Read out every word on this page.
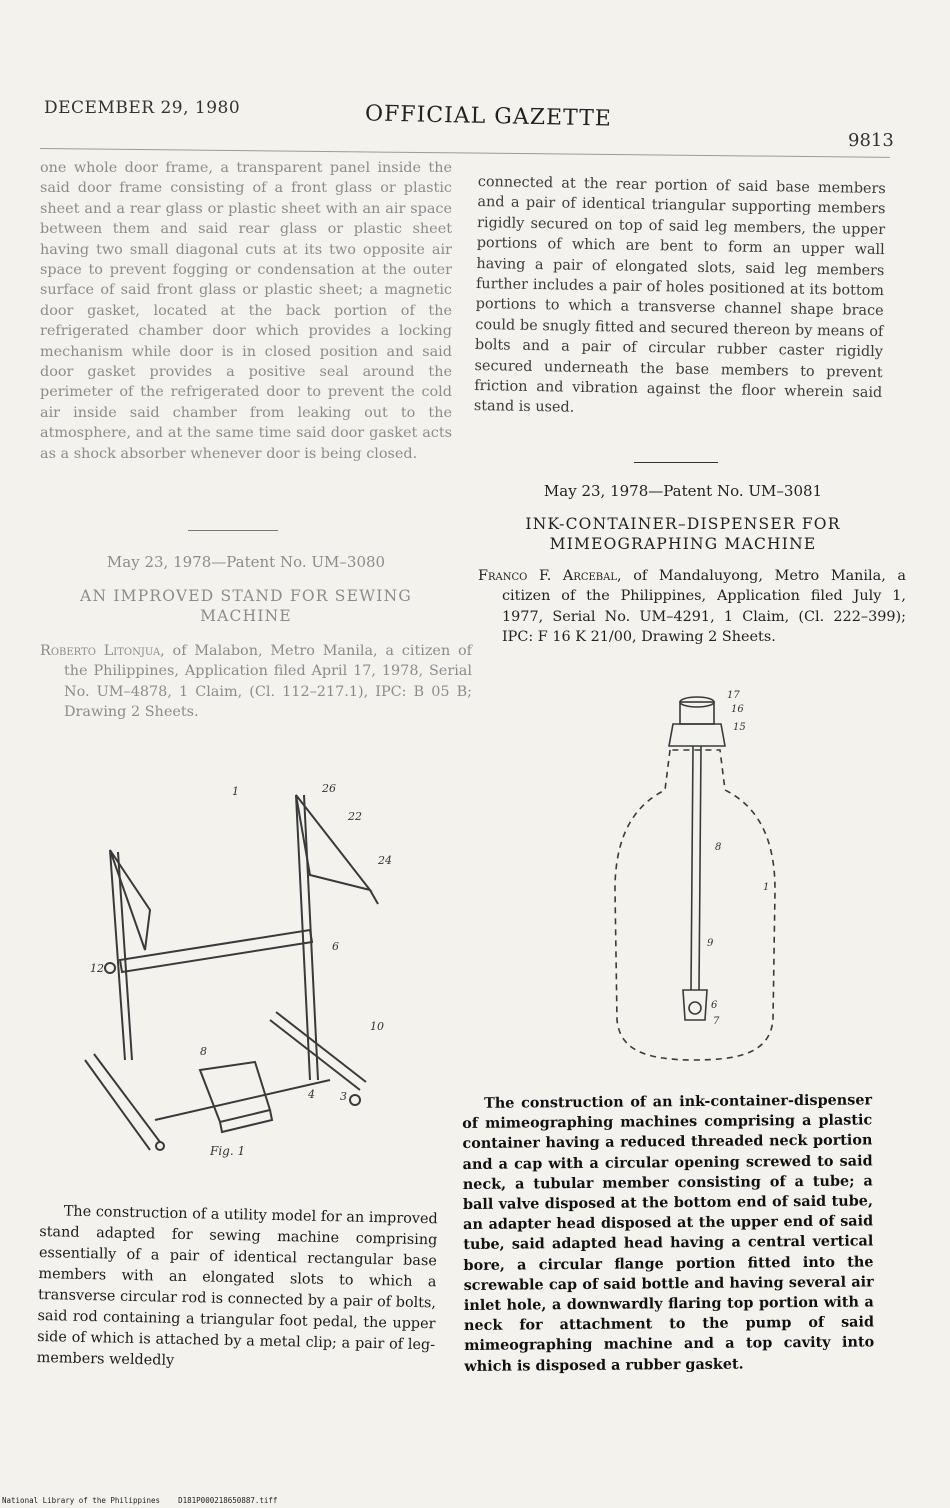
DECEMBER 29, 1980	OFFICIAL GAZETTE
9813

one whole door frame, a transparent panel inside the said door frame consisting of a front glass or plastic sheet and a rear glass or plastic sheet with an air space between them and said rear glass or plastic sheet having two small diagonal cuts at its two opposite air space to prevent fogging or condensation at the outer surface of said front glass or plastic sheet; a magnetic door gasket, located at the back portion of the refrigerated chamber door which provides a locking mechanism while door is in closed position and said door gasket provides a positive seal around the perimeter of the refrigerated door to prevent the cold air inside said chamber from leaking out to the atmosphere, and at the same time said door gasket acts as a shock absorber whenever door is being closed.

May 23, 1978—Patent No. UM–3080
AN IMPROVED STAND FOR SEWING MACHINE
Roberto Litonjua, of Malabon, Metro Manila, a citizen of the Philippines, Application filed April 17, 1978, Serial No. UM–4878, 1 Claim, (Cl. 112–217.1), IPC: B 05 B; Drawing 2 Sheets.
1	26
22
24
12
6
10
4 3
8
Fig. 1

The construction of a utility model for an improved stand adapted for sewing machine comprising essentially of a pair of identical rectangular base members with an elongated slots to which a transverse circular rod is connected by a pair of bolts, said rod containing a triangular foot pedal, the upper side of which is attached by a metal clip; a pair of leg-members weldedly

connected at the rear portion of said base members and a pair of identical triangular supporting members rigidly secured on top of said leg members, the upper portions of which are bent to form an upper wall having a pair of elongated slots, said leg members further includes a pair of holes positioned at its bottom portions to which a transverse channel shape brace could be snugly fitted and secured thereon by means of bolts and a pair of circular rubber caster rigidly secured underneath the base members to prevent friction and vibration against the floor wherein said stand is used.

May 23, 1978—Patent No. UM–3081
INK-CONTAINER–DISPENSER FOR MIMEOGRAPHING MACHINE
Franco F. Arcebal, of Mandaluyong, Metro Manila, a citizen of the Philippines, Application filed July 1, 1977, Serial No. UM–4291, 1 Claim, (Cl. 222–399); IPC: F 16 K 21/00, Drawing 2 Sheets.
17
16
15
8
1
9
6
7

The construction of an ink-container-dispenser of mimeographing machines comprising a plastic container having a reduced threaded neck portion and a cap with a circular opening screwed to said neck, a tubular member consisting of a tube; a ball valve disposed at the bottom end of said tube, an adapter head disposed at the upper end of said tube, said adapted head having a central vertical bore, a circular flange portion fitted into the screwable cap of said bottle and having several air inlet hole, a downwardly flaring top portion with a neck for attachment to the pump of said mimeographing machine and a top cavity into which is disposed a rubber gasket.

National Library of the Philippines    D181P000218650887.tiff
